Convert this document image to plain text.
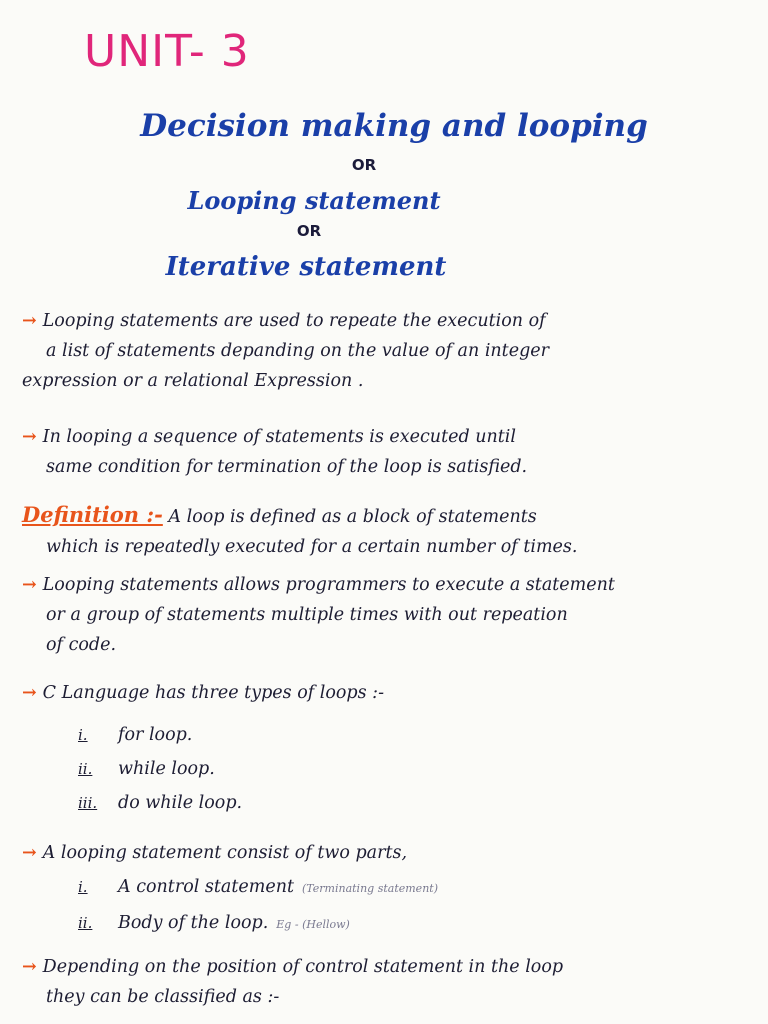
UNIT- 3
Decision making and looping
OR
Looping statement
OR
Iterative statement
→ Looping statements are used to repeate the execution of
a list of statements depanding on the value of an integer
expression or a relational Expression .
→ In looping a sequence of statements is executed until
same condition for termination of the loop is satisfied.
Definition :- A loop is defined as a block of statements
which is repeatedly executed for a certain number of times.
→ Looping statements allows programmers to execute a statement
or a group of statements multiple times with out repeation
of code.
→ C Language has three types of loops :-
i. for loop.
ii. while loop.
iii. do while loop.
→ A looping statement consist of two parts,
i. A control statement (Terminating statement)
ii. Body of the loop. Eg - (Hellow)
→ Depending on the position of control statement in the loop
they can be classified as :-
